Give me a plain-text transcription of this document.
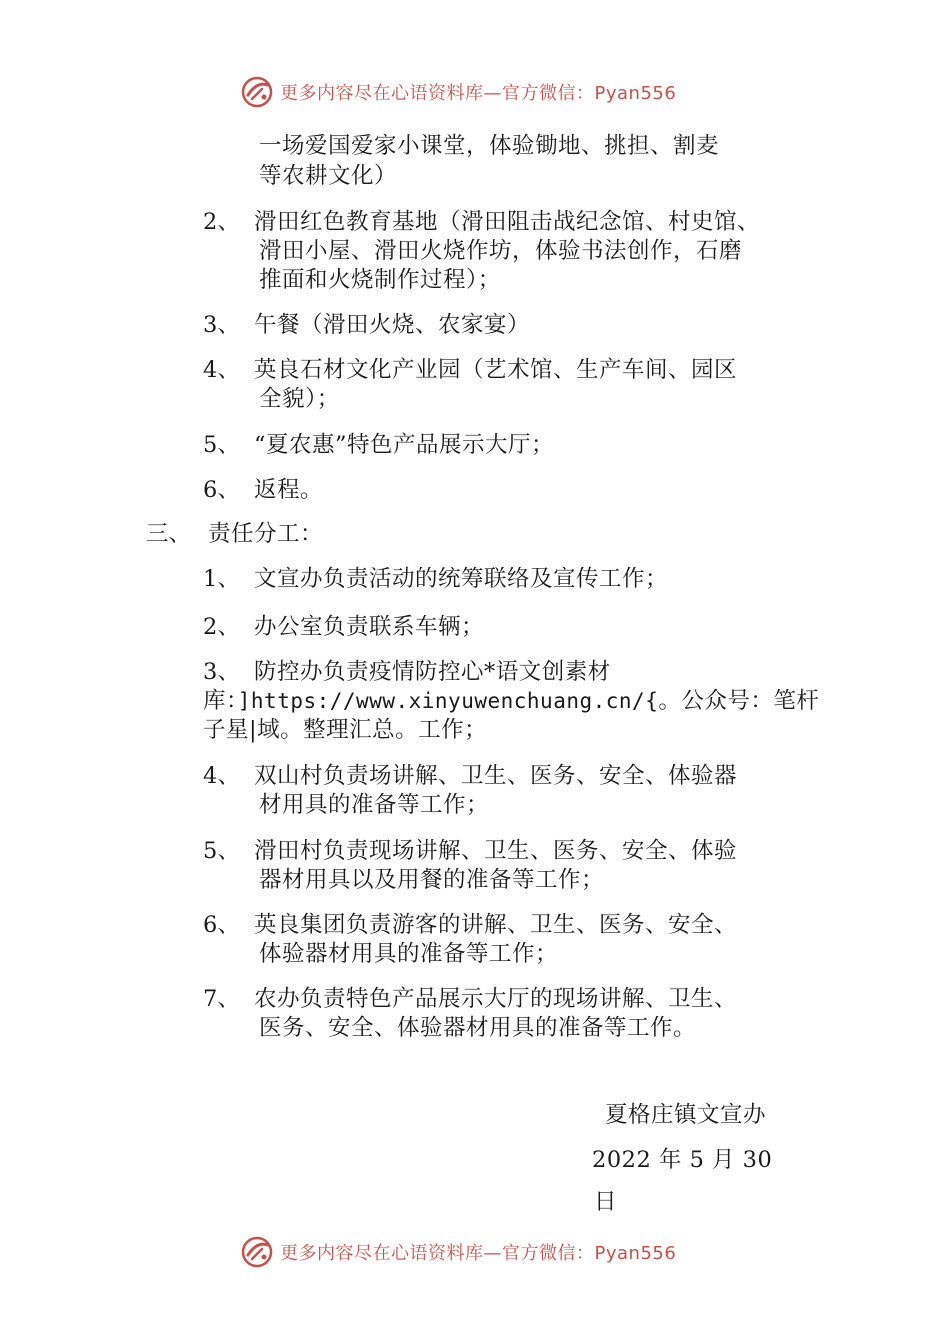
更多内容尽在心语资料库—官方微信：Pyan556
一场爱国爱家小课堂，体验锄地、挑担、割麦
等农耕文化）
2、 滑田红色教育基地（滑田阻击战纪念馆、村史馆、
滑田小屋、滑田火烧作坊，体验书法创作，石磨
推面和火烧制作过程）；
3、 午餐（滑田火烧、农家宴）
4、 英良石材文化产业园（艺术馆、生产车间、园区
全貌）；
5、 “夏农惠”特色产品展示大厅；
6、 返程。
三、 责任分工：
1、 文宣办负责活动的统筹联络及宣传工作；
2、 办公室负责联系车辆；
3、 防控办负责疫情防控心*语文创素材
库：]https://www.xinyuwenchuang.cn/{。公众号：笔杆
子星|域。整理汇总。工作；
4、 双山村负责场讲解、卫生、医务、安全、体验器
材用具的准备等工作；
5、 滑田村负责现场讲解、卫生、医务、安全、体验
器材用具以及用餐的准备等工作；
6、 英良集团负责游客的讲解、卫生、医务、安全、
体验器材用具的准备等工作；
7、 农办负责特色产品展示大厅的现场讲解、卫生、
医务、安全、体验器材用具的准备等工作。
夏格庄镇文宣办
2022 年 5 月 30
日
更多内容尽在心语资料库—官方微信：Pyan556
